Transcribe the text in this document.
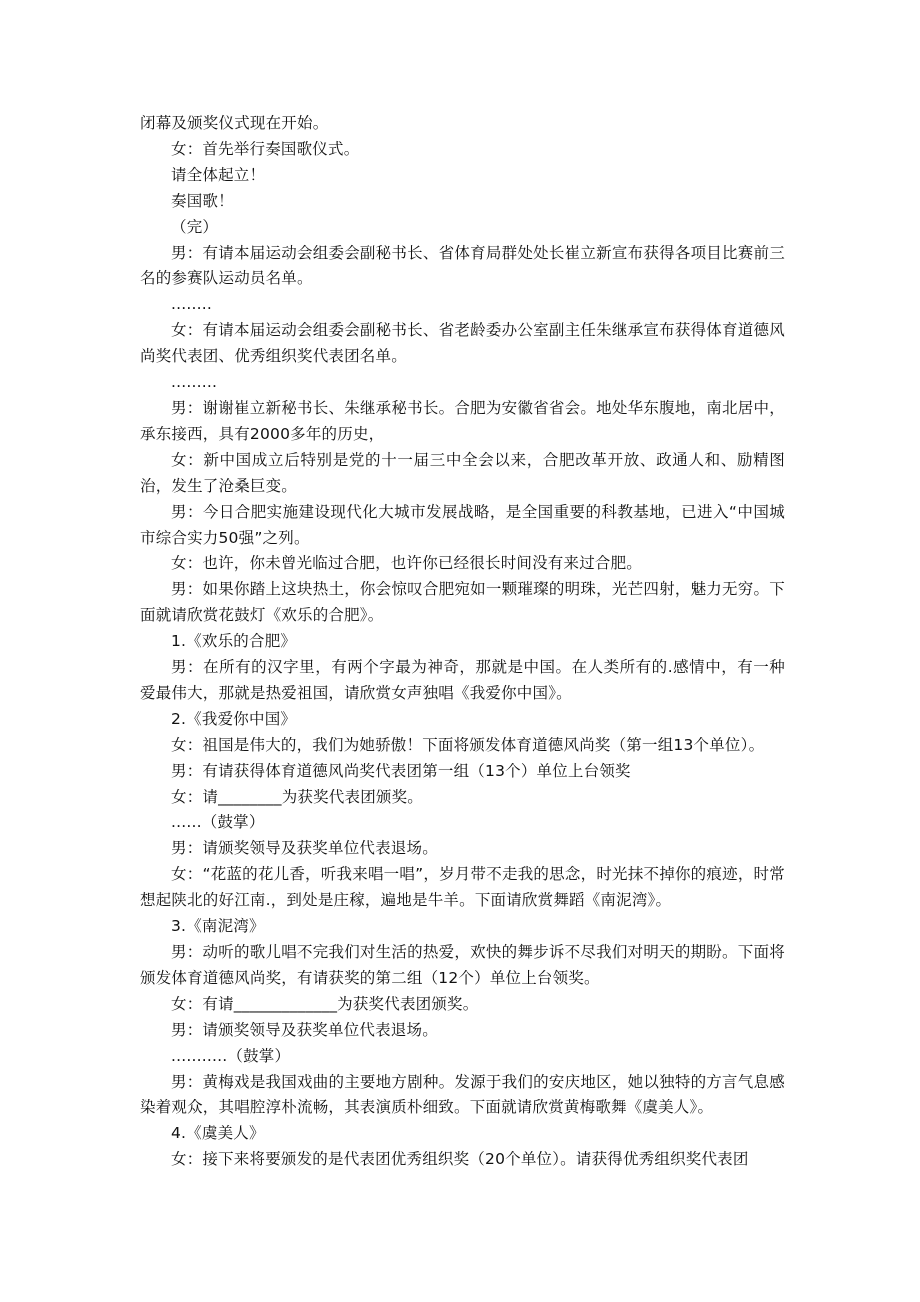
闭幕及颁奖仪式现在开始。

女：首先举行奏国歌仪式。

请全体起立！

奏国歌！

（完）

男：有请本届运动会组委会副秘书长、省体育局群处处长崔立新宣布获得各项目比赛前三名的参赛队运动员名单。

........

女：有请本届运动会组委会副秘书长、省老龄委办公室副主任朱继承宣布获得体育道德风尚奖代表团、优秀组织奖代表团名单。

.........

男：谢谢崔立新秘书长、朱继承秘书长。合肥为安徽省省会。地处华东腹地，南北居中，承东接西，具有2000多年的历史，

女：新中国成立后特别是党的十一届三中全会以来，合肥改革开放、政通人和、励精图治，发生了沧桑巨变。

男：今日合肥实施建设现代化大城市发展战略，是全国重要的科教基地，已进入“中国城市综合实力50强”之列。

女：也许，你未曾光临过合肥，也许你已经很长时间没有来过合肥。

男：如果你踏上这块热土，你会惊叹合肥宛如一颗璀璨的明珠，光芒四射，魅力无穷。下面就请欣赏花鼓灯《欢乐的合肥》。

1.《欢乐的合肥》

男：在所有的汉字里，有两个字最为神奇，那就是中国。在人类所有的.感情中，有一种爱最伟大，那就是热爱祖国，请欣赏女声独唱《我爱你中国》。

2.《我爱你中国》

女：祖国是伟大的，我们为她骄傲！下面将颁发体育道德风尚奖（第一组13个单位）。

男：有请获得体育道德风尚奖代表团第一组（13个）单位上台领奖

女：请________为获奖代表团颁奖。

......（鼓掌）

男：请颁奖领导及获奖单位代表退场。

女：“花蓝的花儿香，听我来唱一唱”，岁月带不走我的思念，时光抹不掉你的痕迹，时常想起陕北的好江南.，到处是庄稼，遍地是牛羊。下面请欣赏舞蹈《南泥湾》。

3.《南泥湾》

男：动听的歌儿唱不完我们对生活的热爱，欢快的舞步诉不尽我们对明天的期盼。下面将颁发体育道德风尚奖，有请获奖的第二组（12个）单位上台领奖。

女：有请_____________为获奖代表团颁奖。

男：请颁奖领导及获奖单位代表退场。

...........（鼓掌）

男：黄梅戏是我国戏曲的主要地方剧种。发源于我们的安庆地区，她以独特的方言气息感染着观众，其唱腔淳朴流畅，其表演质朴细致。下面就请欣赏黄梅歌舞《虞美人》。

4.《虞美人》

女：接下来将要颁发的是代表团优秀组织奖（20个单位）。请获得优秀组织奖代表团
